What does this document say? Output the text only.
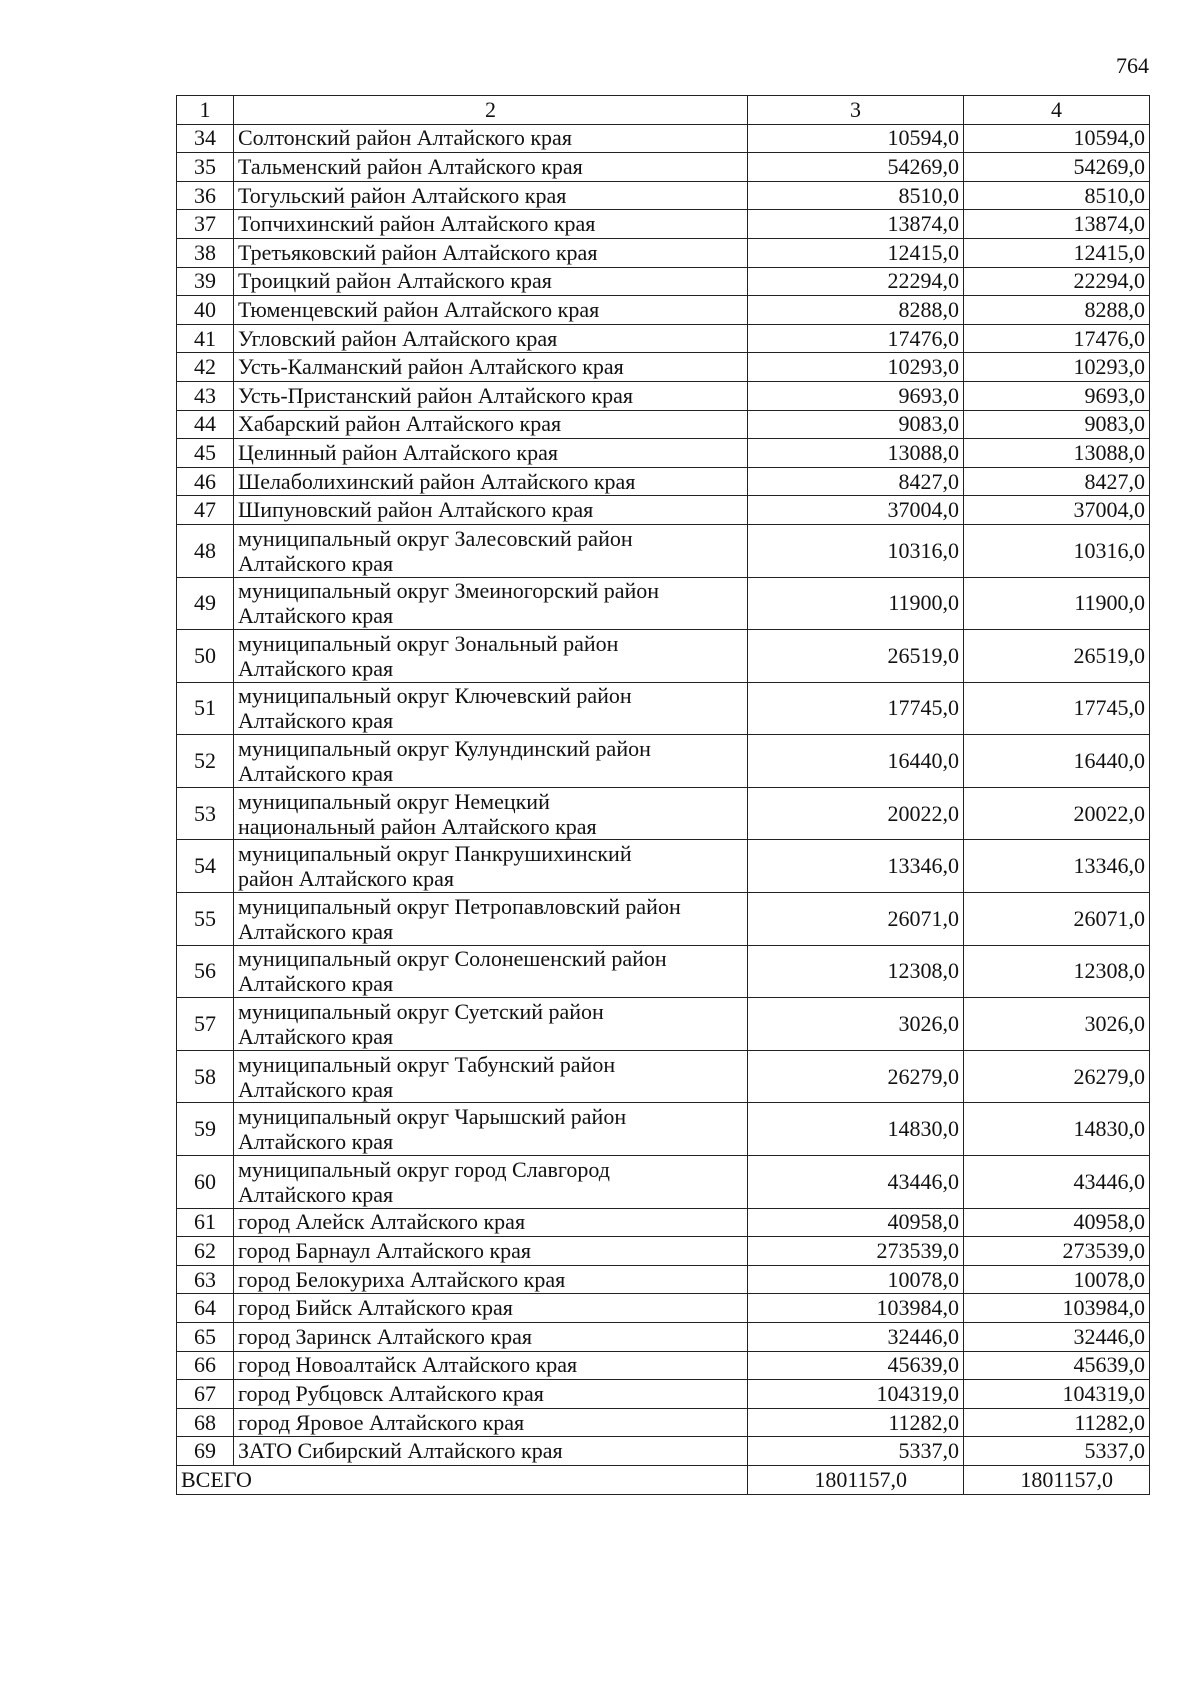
764
1	2	3	4
34	Солтонский район Алтайского края	10594,0	10594,0
35	Тальменский район Алтайского края	54269,0	54269,0
36	Тогульский район Алтайского края	8510,0	8510,0
37	Топчихинский район Алтайского края	13874,0	13874,0
38	Третьяковский район Алтайского края	12415,0	12415,0
39	Троицкий район Алтайского края	22294,0	22294,0
40	Тюменцевский район Алтайского края	8288,0	8288,0
41	Угловский район Алтайского края	17476,0	17476,0
42	Усть-Калманский район Алтайского края	10293,0	10293,0
43	Усть-Пристанский район Алтайского края	9693,0	9693,0
44	Хабарский район Алтайского края	9083,0	9083,0
45	Целинный район Алтайского края	13088,0	13088,0
46	Шелаболихинский район Алтайского края	8427,0	8427,0
47	Шипуновский район Алтайского края	37004,0	37004,0
48	муниципальный округ Залесовский район
Алтайского края	10316,0	10316,0
49	муниципальный округ Змеиногорский район
Алтайского края	11900,0	11900,0
50	муниципальный округ Зональный район
Алтайского края	26519,0	26519,0
51	муниципальный округ Ключевский район
Алтайского края	17745,0	17745,0
52	муниципальный округ Кулундинский район
Алтайского края	16440,0	16440,0
53	муниципальный округ Немецкий
национальный район Алтайского края	20022,0	20022,0
54	муниципальный округ Панкрушихинский
район Алтайского края	13346,0	13346,0
55	муниципальный округ Петропавловский район
Алтайского края	26071,0	26071,0
56	муниципальный округ Солонешенский район
Алтайского края	12308,0	12308,0
57	муниципальный округ Суетский район
Алтайского края	3026,0	3026,0
58	муниципальный округ Табунский район
Алтайского края	26279,0	26279,0
59	муниципальный округ Чарышский район
Алтайского края	14830,0	14830,0
60	муниципальный округ город Славгород
Алтайского края	43446,0	43446,0
61	город Алейск Алтайского края	40958,0	40958,0
62	город Барнаул Алтайского края	273539,0	273539,0
63	город Белокуриха Алтайского края	10078,0	10078,0
64	город Бийск Алтайского края	103984,0	103984,0
65	город Заринск Алтайского края	32446,0	32446,0
66	город Новоалтайск Алтайского края	45639,0	45639,0
67	город Рубцовск Алтайского края	104319,0	104319,0
68	город Яровое Алтайского края	11282,0	11282,0
69	ЗАТО Сибирский Алтайского края	5337,0	5337,0
ВСЕГО		1801157,0	1801157,0
